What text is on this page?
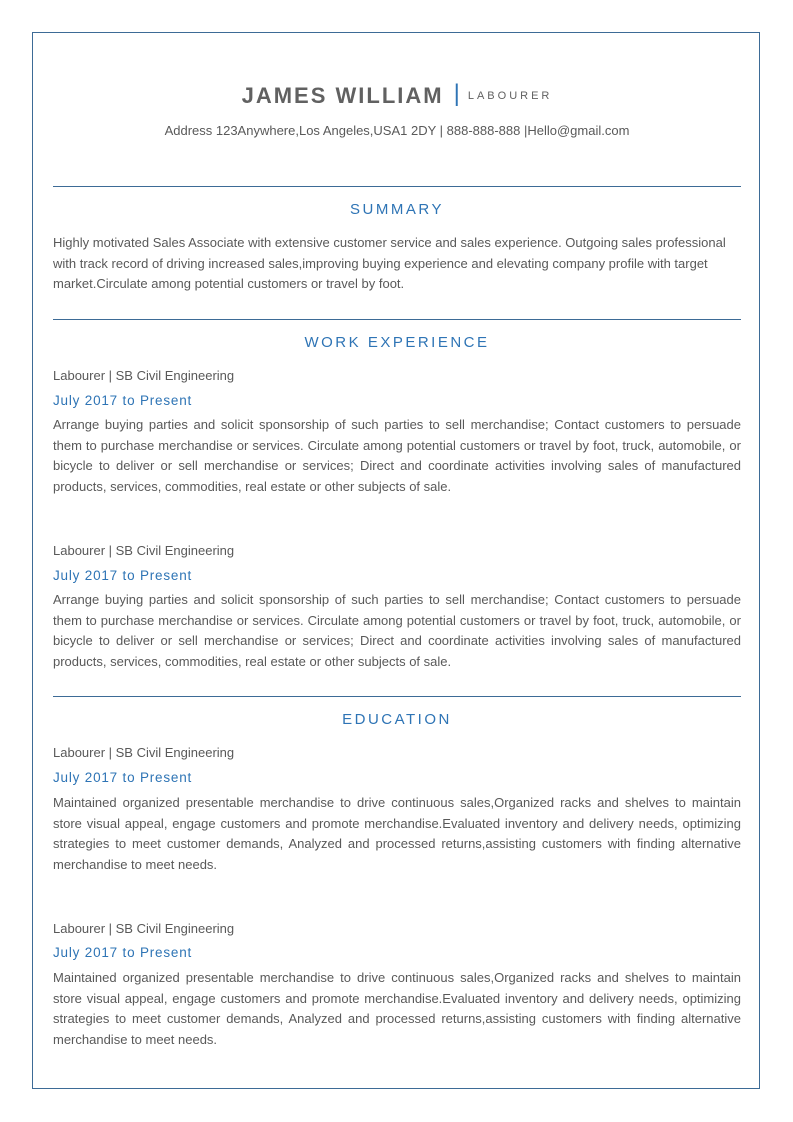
JAMES WILLIAM | LABOURER
Address 123Anywhere,Los Angeles,USA1 2DY | 888-888-888 |Hello@gmail.com
SUMMARY

Highly motivated Sales Associate with extensive customer service and sales experience. Outgoing sales professional with track record of driving increased sales,improving buying experience and elevating company profile with target market.Circulate among potential customers or travel by foot.

WORK EXPERIENCE
Labourer | SB Civil Engineering
July 2017 to Present

Arrange buying parties and solicit sponsorship of such parties to sell merchandise; Contact customers to persuade them to purchase merchandise or services. Circulate among potential customers or travel by foot, truck, automobile, or bicycle to deliver or sell merchandise or services; Direct and coordinate activities involving sales of manufactured products, services, commodities, real estate or other subjects of sale.

Labourer | SB Civil Engineering
July 2017 to Present

Arrange buying parties and solicit sponsorship of such parties to sell merchandise; Contact customers to persuade them to purchase merchandise or services. Circulate among potential customers or travel by foot, truck, automobile, or bicycle to deliver or sell merchandise or services; Direct and coordinate activities involving sales of manufactured products, services, commodities, real estate or other subjects of sale.

EDUCATION
Labourer | SB Civil Engineering
July 2017 to Present

Maintained organized presentable merchandise to drive continuous sales,Organized racks and shelves to maintain store visual appeal, engage customers and promote merchandise.Evaluated inventory and delivery needs, optimizing strategies to meet customer demands, Analyzed and processed returns,assisting customers with finding alternative merchandise to meet needs.

Labourer | SB Civil Engineering
July 2017 to Present

Maintained organized presentable merchandise to drive continuous sales,Organized racks and shelves to maintain store visual appeal, engage customers and promote merchandise.Evaluated inventory and delivery needs, optimizing strategies to meet customer demands, Analyzed and processed returns,assisting customers with finding alternative merchandise to meet needs.
